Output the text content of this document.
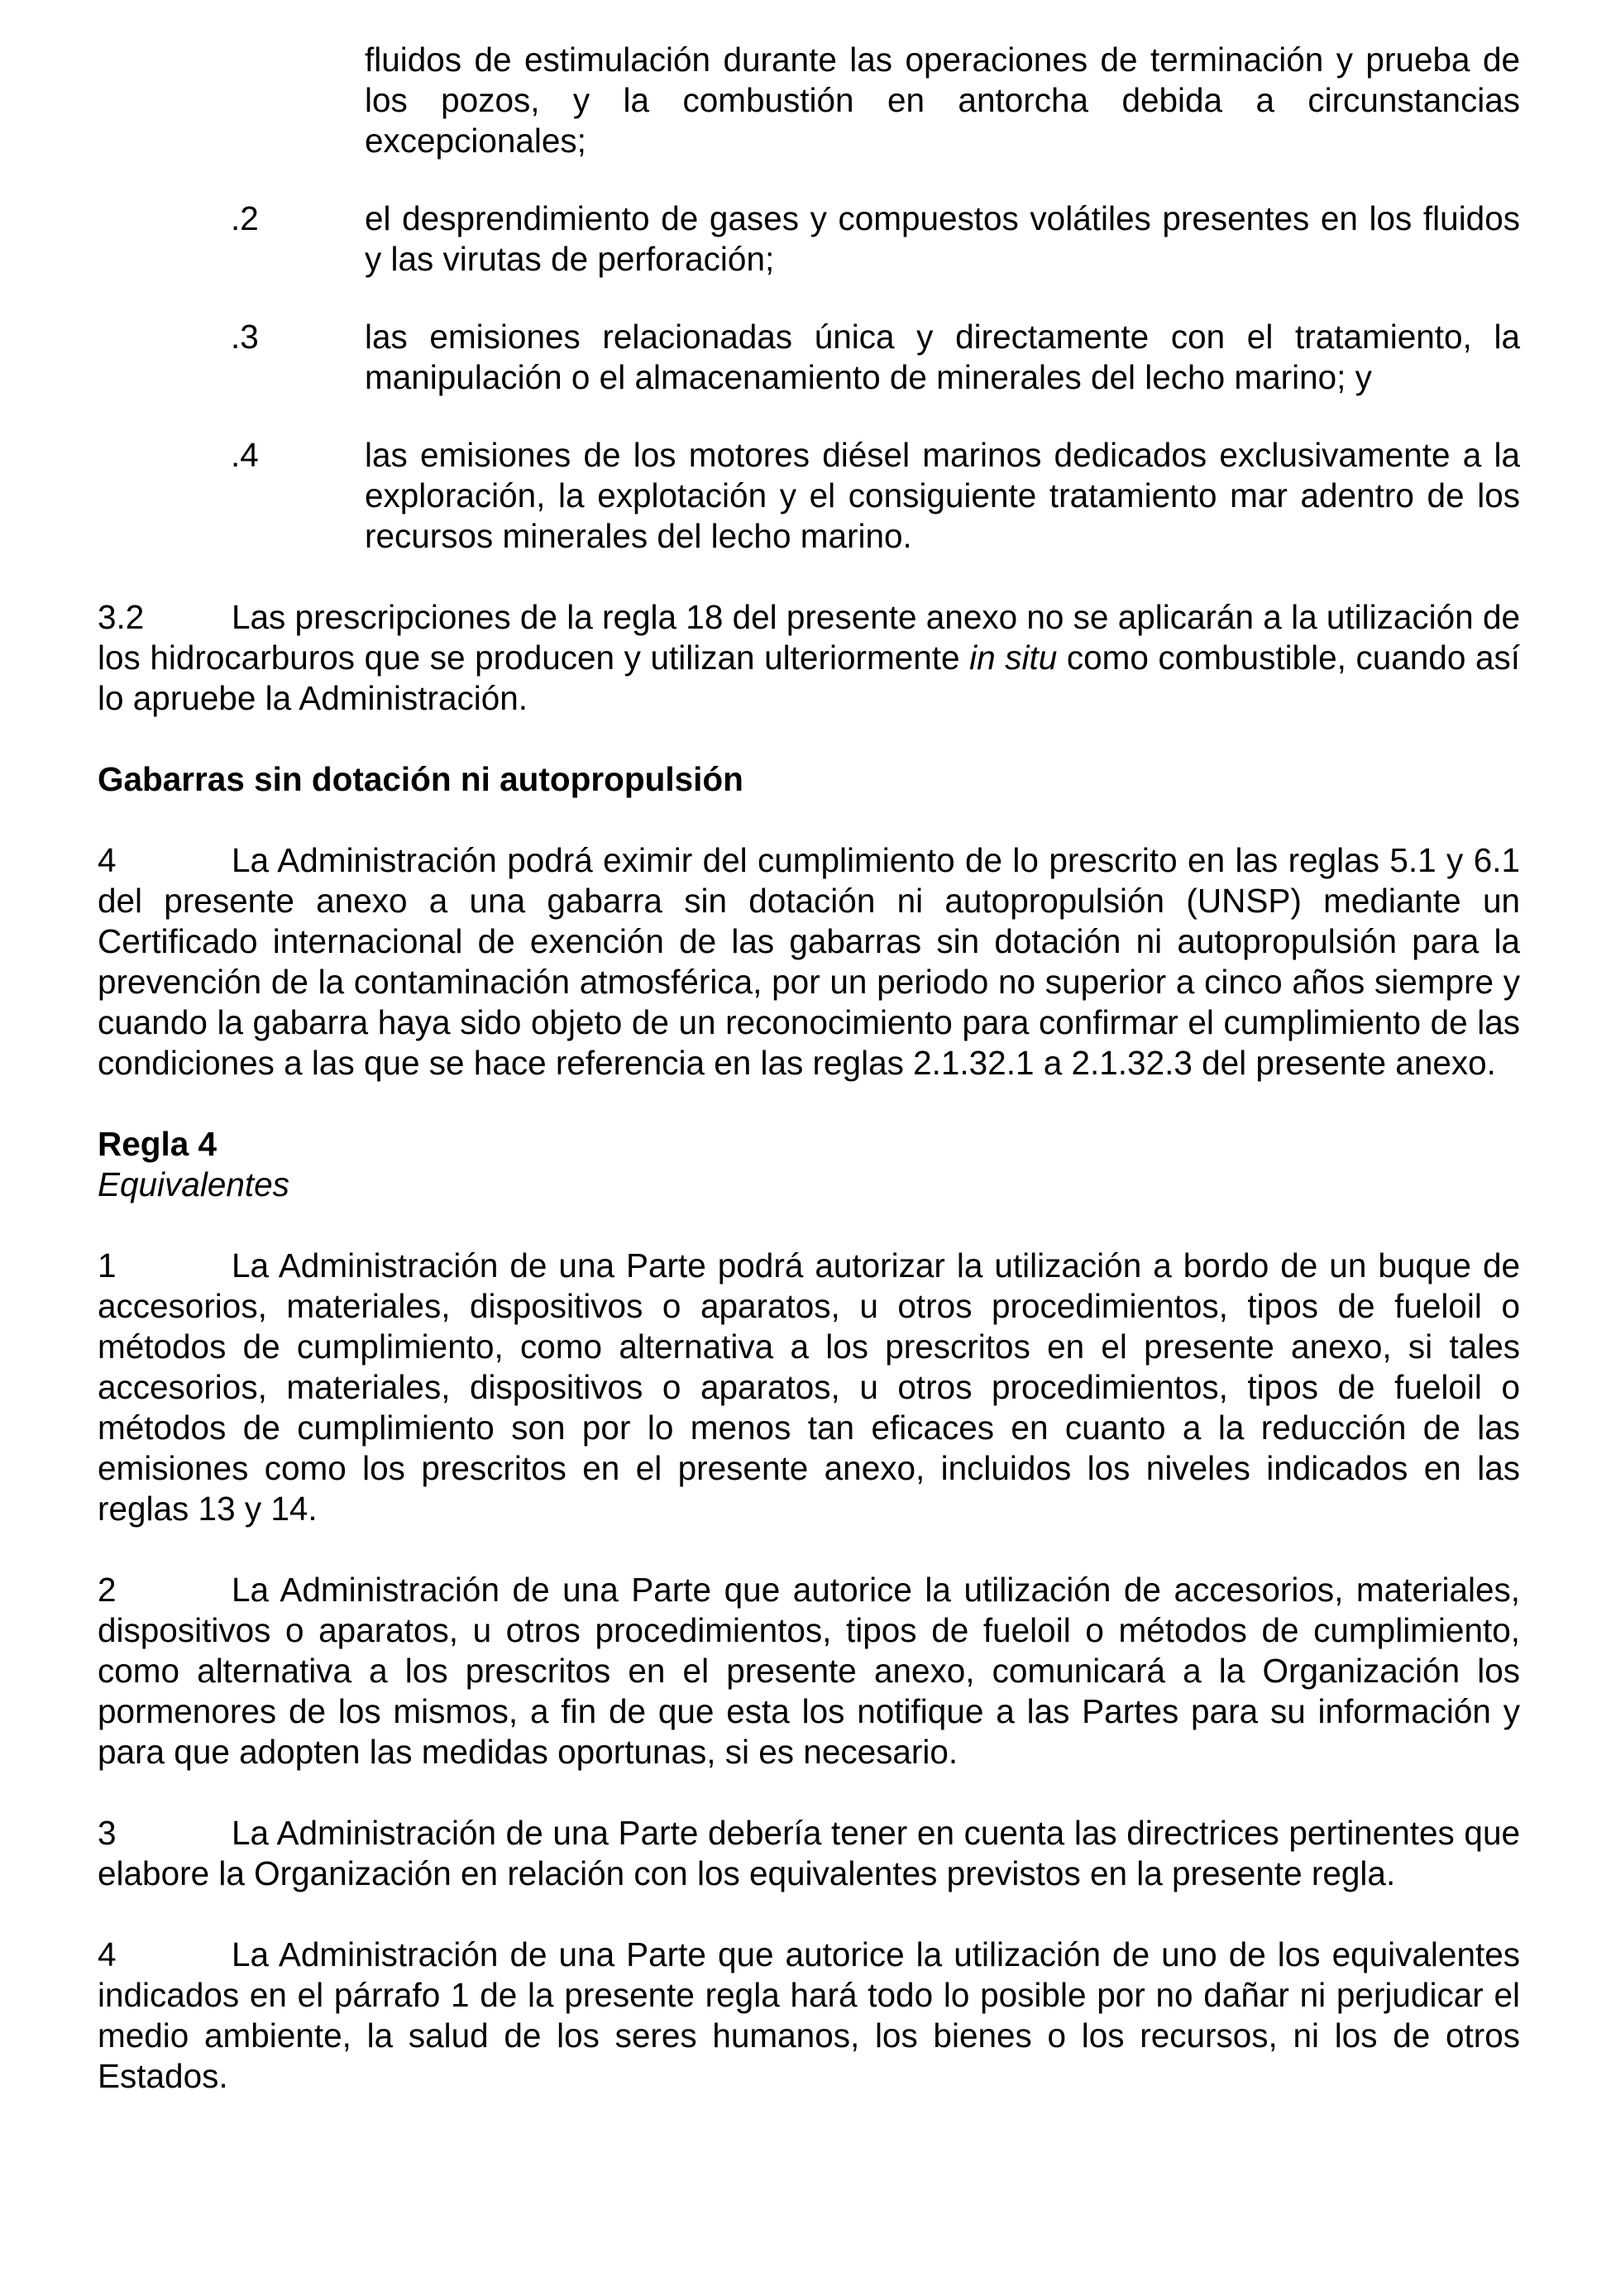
fluidos de estimulación durante las operaciones de terminación y prueba de los pozos, y la combustión en antorcha debida a circunstancias excepcionales;

.2	el desprendimiento de gases y compuestos volátiles presentes en los fluidos y las virutas de perforación;

.3	las emisiones relacionadas única y directamente con el tratamiento, la manipulación o el almacenamiento de minerales del lecho marino; y

.4	las emisiones de los motores diésel marinos dedicados exclusivamente a la exploración, la explotación y el consiguiente tratamiento mar adentro de los recursos minerales del lecho marino.

3.2	Las prescripciones de la regla 18 del presente anexo no se aplicarán a la utilización de los hidrocarburos que se producen y utilizan ulteriormente in situ como combustible, cuando así lo apruebe la Administración.

Gabarras sin dotación ni autopropulsión

4	La Administración podrá eximir del cumplimiento de lo prescrito en las reglas 5.1 y 6.1 del presente anexo a una gabarra sin dotación ni autopropulsión (UNSP) mediante un Certificado internacional de exención de las gabarras sin dotación ni autopropulsión para la prevención de la contaminación atmosférica, por un periodo no superior a cinco años siempre y cuando la gabarra haya sido objeto de un reconocimiento para confirmar el cumplimiento de las condiciones a las que se hace referencia en las reglas 2.1.32.1 a 2.1.32.3 del presente anexo.

Regla 4

Equivalentes

1	La Administración de una Parte podrá autorizar la utilización a bordo de un buque de accesorios, materiales, dispositivos o aparatos, u otros procedimientos, tipos de fueloil o métodos de cumplimiento, como alternativa a los prescritos en el presente anexo, si tales accesorios, materiales, dispositivos o aparatos, u otros procedimientos, tipos de fueloil o métodos de cumplimiento son por lo menos tan eficaces en cuanto a la reducción de las emisiones como los prescritos en el presente anexo, incluidos los niveles indicados en las reglas 13 y 14.

2	La Administración de una Parte que autorice la utilización de accesorios, materiales, dispositivos o aparatos, u otros procedimientos, tipos de fueloil o métodos de cumplimiento, como alternativa a los prescritos en el presente anexo, comunicará a la Organización los pormenores de los mismos, a fin de que esta los notifique a las Partes para su información y para que adopten las medidas oportunas, si es necesario.

3	La Administración de una Parte debería tener en cuenta las directrices pertinentes que elabore la Organización en relación con los equivalentes previstos en la presente regla.

4	La Administración de una Parte que autorice la utilización de uno de los equivalentes indicados en el párrafo 1 de la presente regla hará todo lo posible por no dañar ni perjudicar el medio ambiente, la salud de los seres humanos, los bienes o los recursos, ni los de otros Estados.
